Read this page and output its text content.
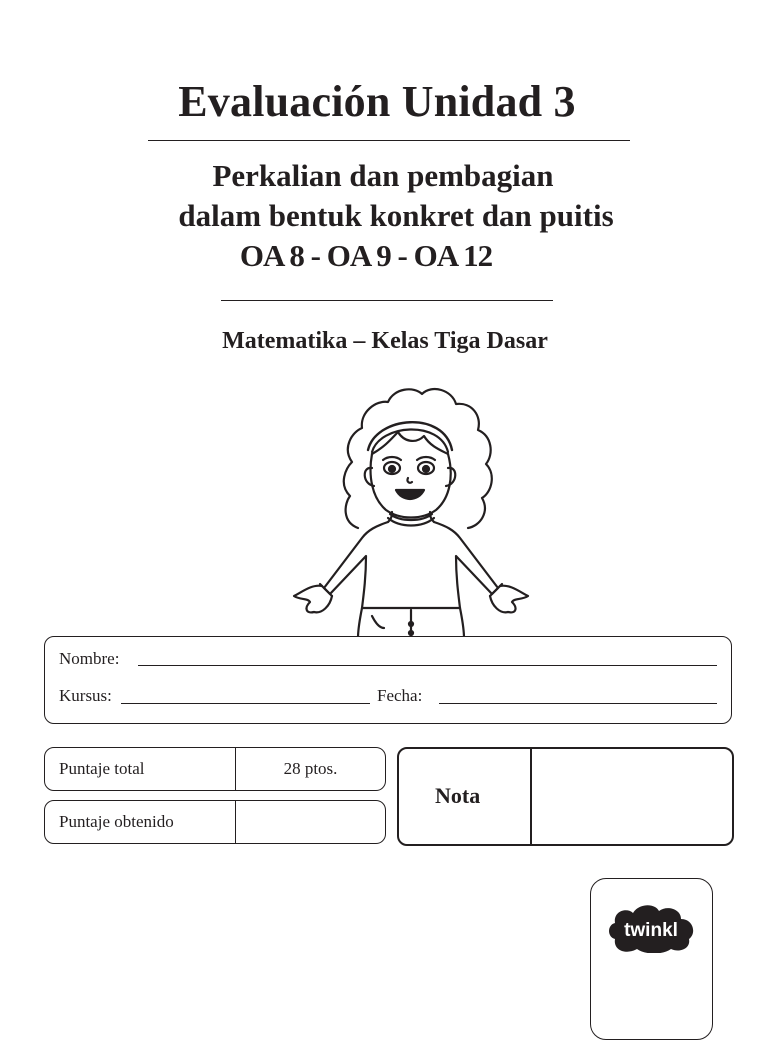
Evaluación Unidad 3
Perkalian dan pembagian
dalam bentuk konkret dan puitis
OA 8 - OA 9 - OA 12
Matematika – Kelas Tiga Dasar
Nombre:
Kursus:	Fecha:
Puntaje total	28 ptos.
Puntaje obtenido
Nota
twinkl
